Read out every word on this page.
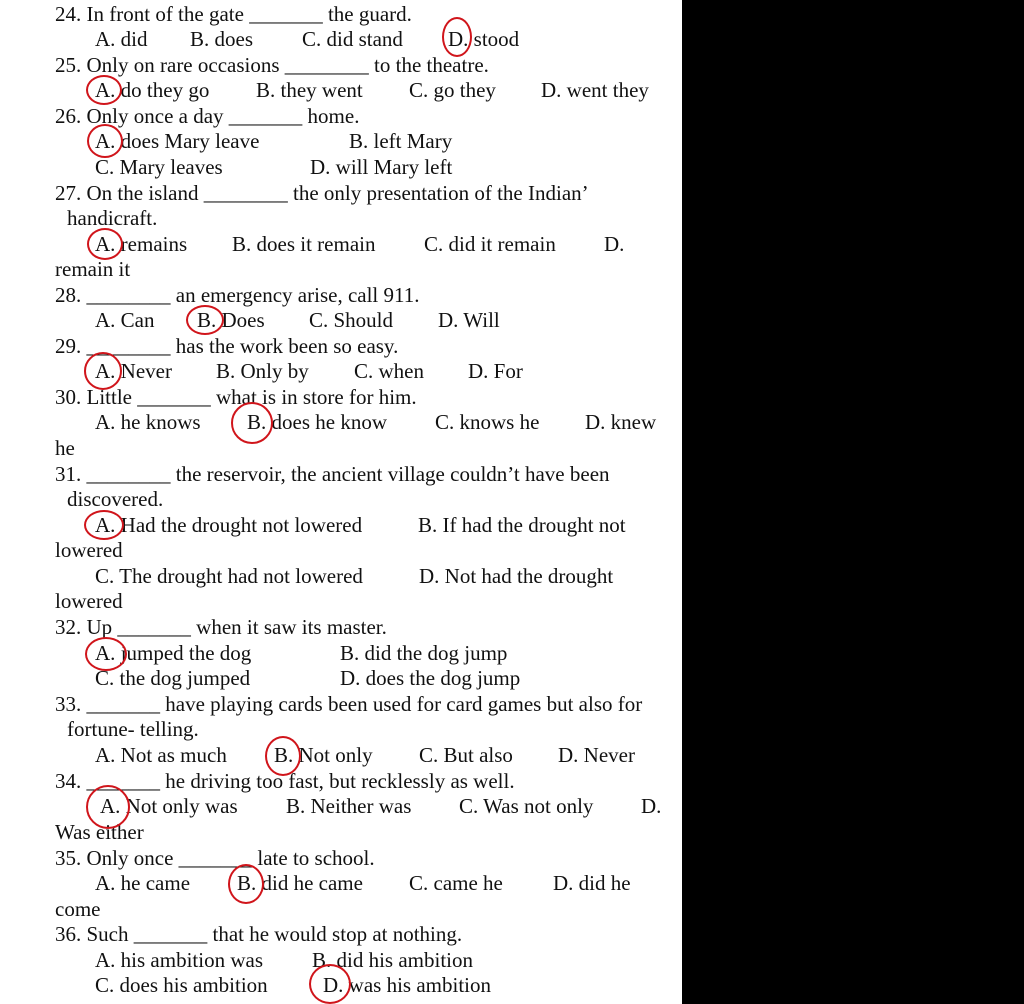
24. In front of the gate _______ the guard.
A. did B. does C. did stand D. stood
25. Only on rare occasions ________ to the theatre.
A. do they go B. they went C. go they D. went they
26. Only once a day _______ home.
A. does Mary leave	B. left Mary
C. Mary leaves	D. will Mary left
27. On the island ________ the only presentation of the Indian’
handicraft.
A. remains B. does it remain C. did it remain D.
remain it
28. ________ an emergency arise, call 911.
A. Can B. Does C. Should D. Will
29. ________ has the work been so easy.
A. Never B. Only by C. when D. For
30. Little _______ what is in store for him.
A. he knows B. does he know C. knows he D. knew
he
31. ________ the reservoir, the ancient village couldn’t have been
discovered.
A. Had the drought not lowered	B. If had the drought not
lowered
C. The drought had not lowered	D. Not had the drought
lowered
32. Up _______ when it saw its master.
A. jumped the dog	B. did the dog jump
C. the dog jumped	D. does the dog jump
33. _______ have playing cards been used for card games but also for
fortune- telling.
A. Not as much B. Not only C. But also D. Never
34. _______ he driving too fast, but recklessly as well.
A. Not only was B. Neither was C. Was not only D.
Was either
35. Only once _______ late to school.
A. he came B. did he came C. came he D. did he
come
36. Such _______ that he would stop at nothing.
A. his ambition was B. did his ambition
C. does his ambition	D. was his ambition
